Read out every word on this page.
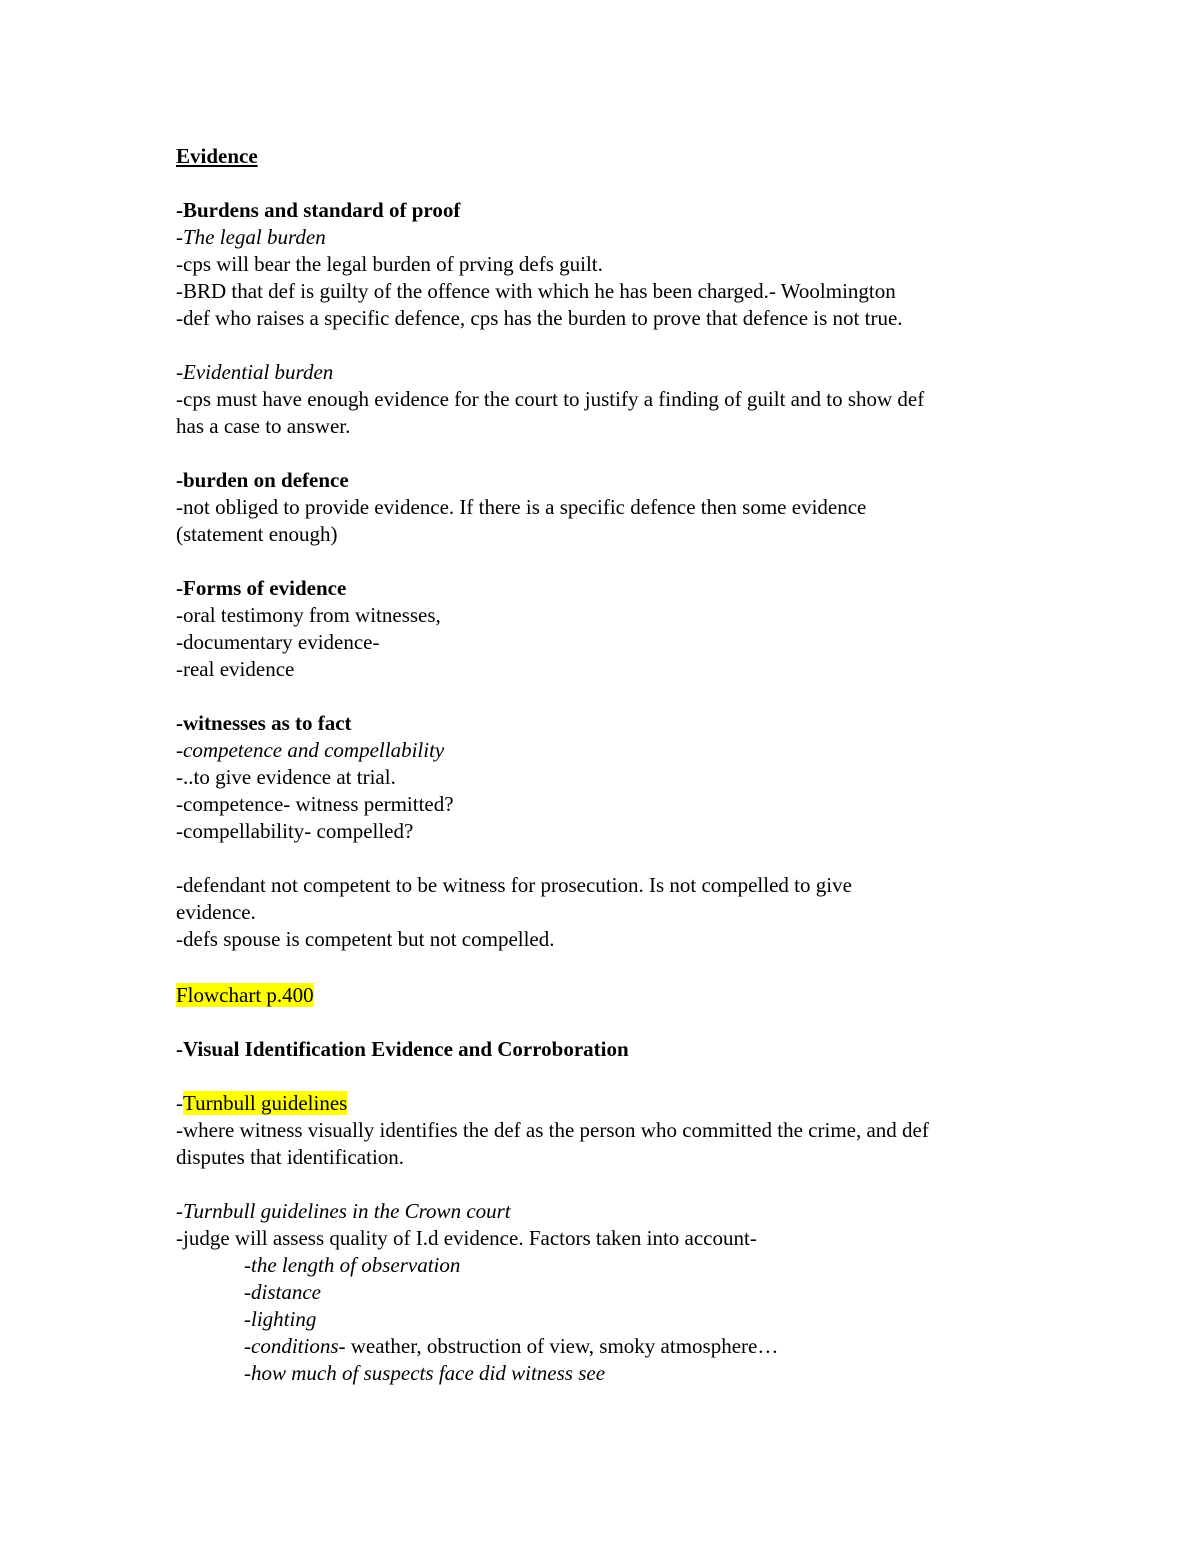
Evidence
-Burdens and standard of proof
-The legal burden
-cps will bear the legal burden of prving defs guilt.
-BRD that def is guilty of the offence with which he has been charged.- Woolmington
-def who raises a specific defence, cps has the burden to prove that defence is not true.
-Evidential burden
-cps must have enough evidence for the court to justify a finding of guilt and to show def
has a case to answer.
-burden on defence
-not obliged to provide evidence. If there is a specific defence then some evidence
(statement enough)
-Forms of evidence
-oral testimony from witnesses,
-documentary evidence-
-real evidence
-witnesses as to fact
-competence and compellability
-..to give evidence at trial.
-competence- witness permitted?
-compellability- compelled?
-defendant not competent to be witness for prosecution. Is not compelled to give
evidence.
-defs spouse is competent but not compelled.
Flowchart p.400
-Visual Identification Evidence and Corroboration
-Turnbull guidelines
-where witness visually identifies the def as the person who committed the crime, and def
disputes that identification.
-Turnbull guidelines in the Crown court
-judge will assess quality of I.d evidence. Factors taken into account-
-the length of observation
-distance
-lighting
-conditions- weather, obstruction of view, smoky atmosphere…
-how much of suspects face did witness see
